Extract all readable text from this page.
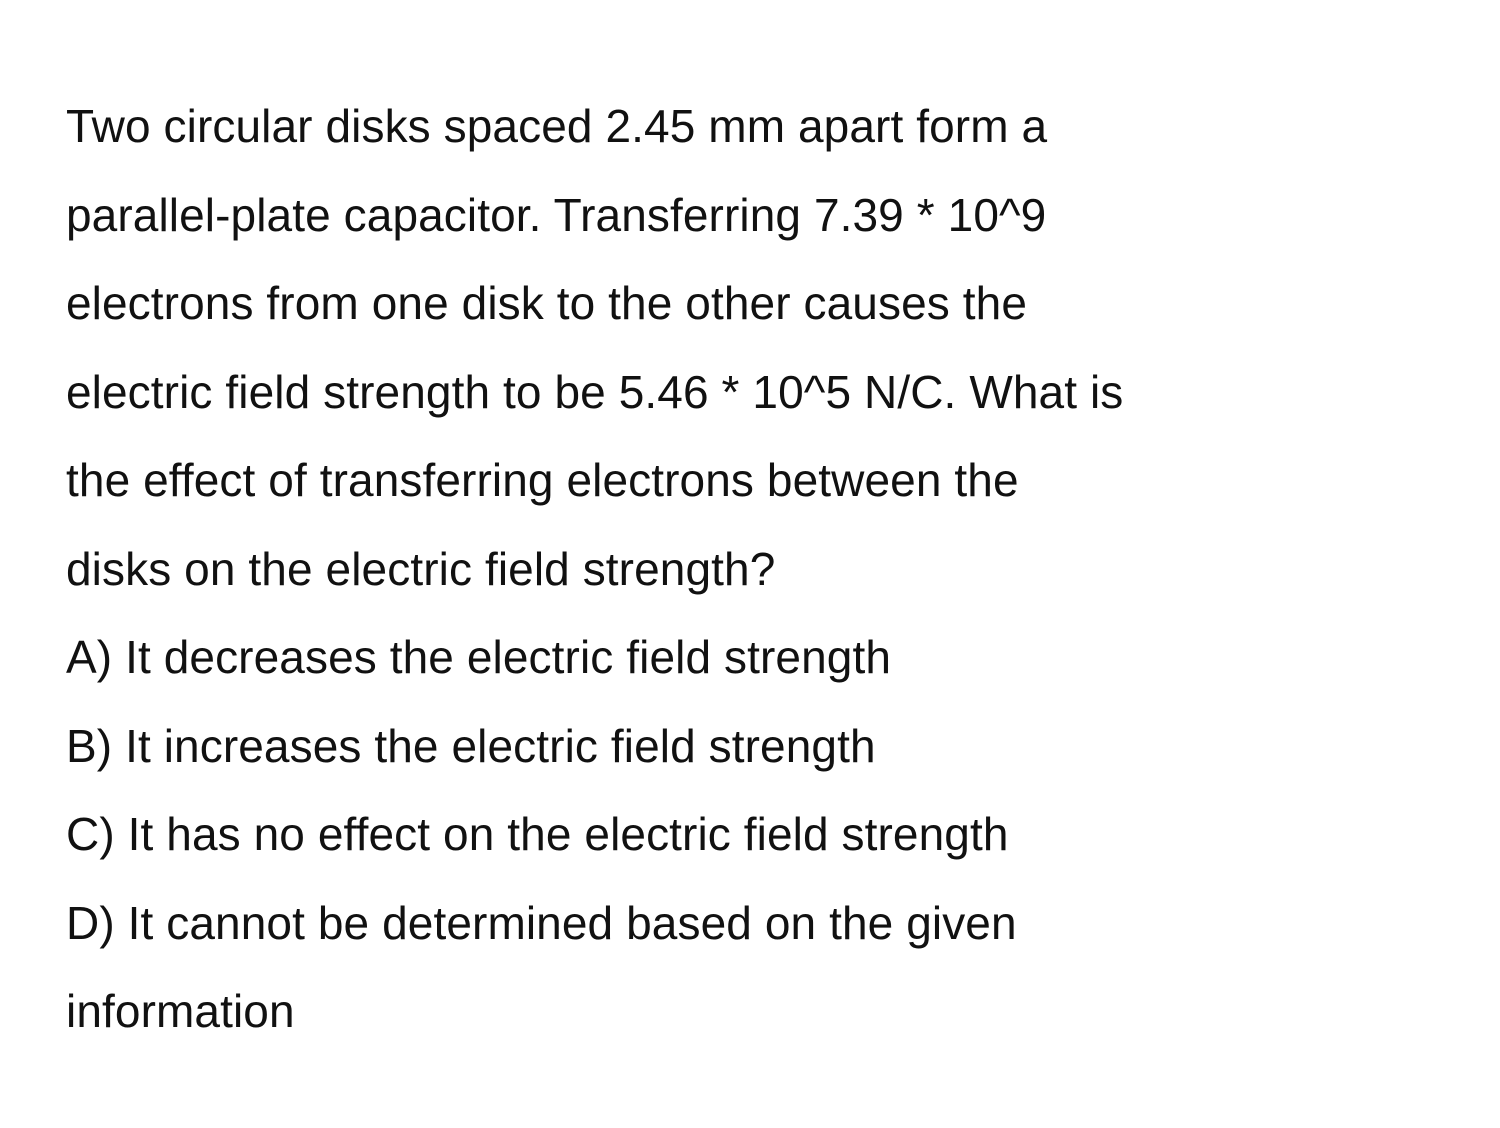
Two circular disks spaced 2.45 mm apart form a
parallel-plate capacitor. Transferring 7.39 * 10^9
electrons from one disk to the other causes the
electric field strength to be 5.46 * 10^5 N/C. What is
the effect of transferring electrons between the
disks on the electric field strength?
A) It decreases the electric field strength
B) It increases the electric field strength
C) It has no effect on the electric field strength
D) It cannot be determined based on the given
information
